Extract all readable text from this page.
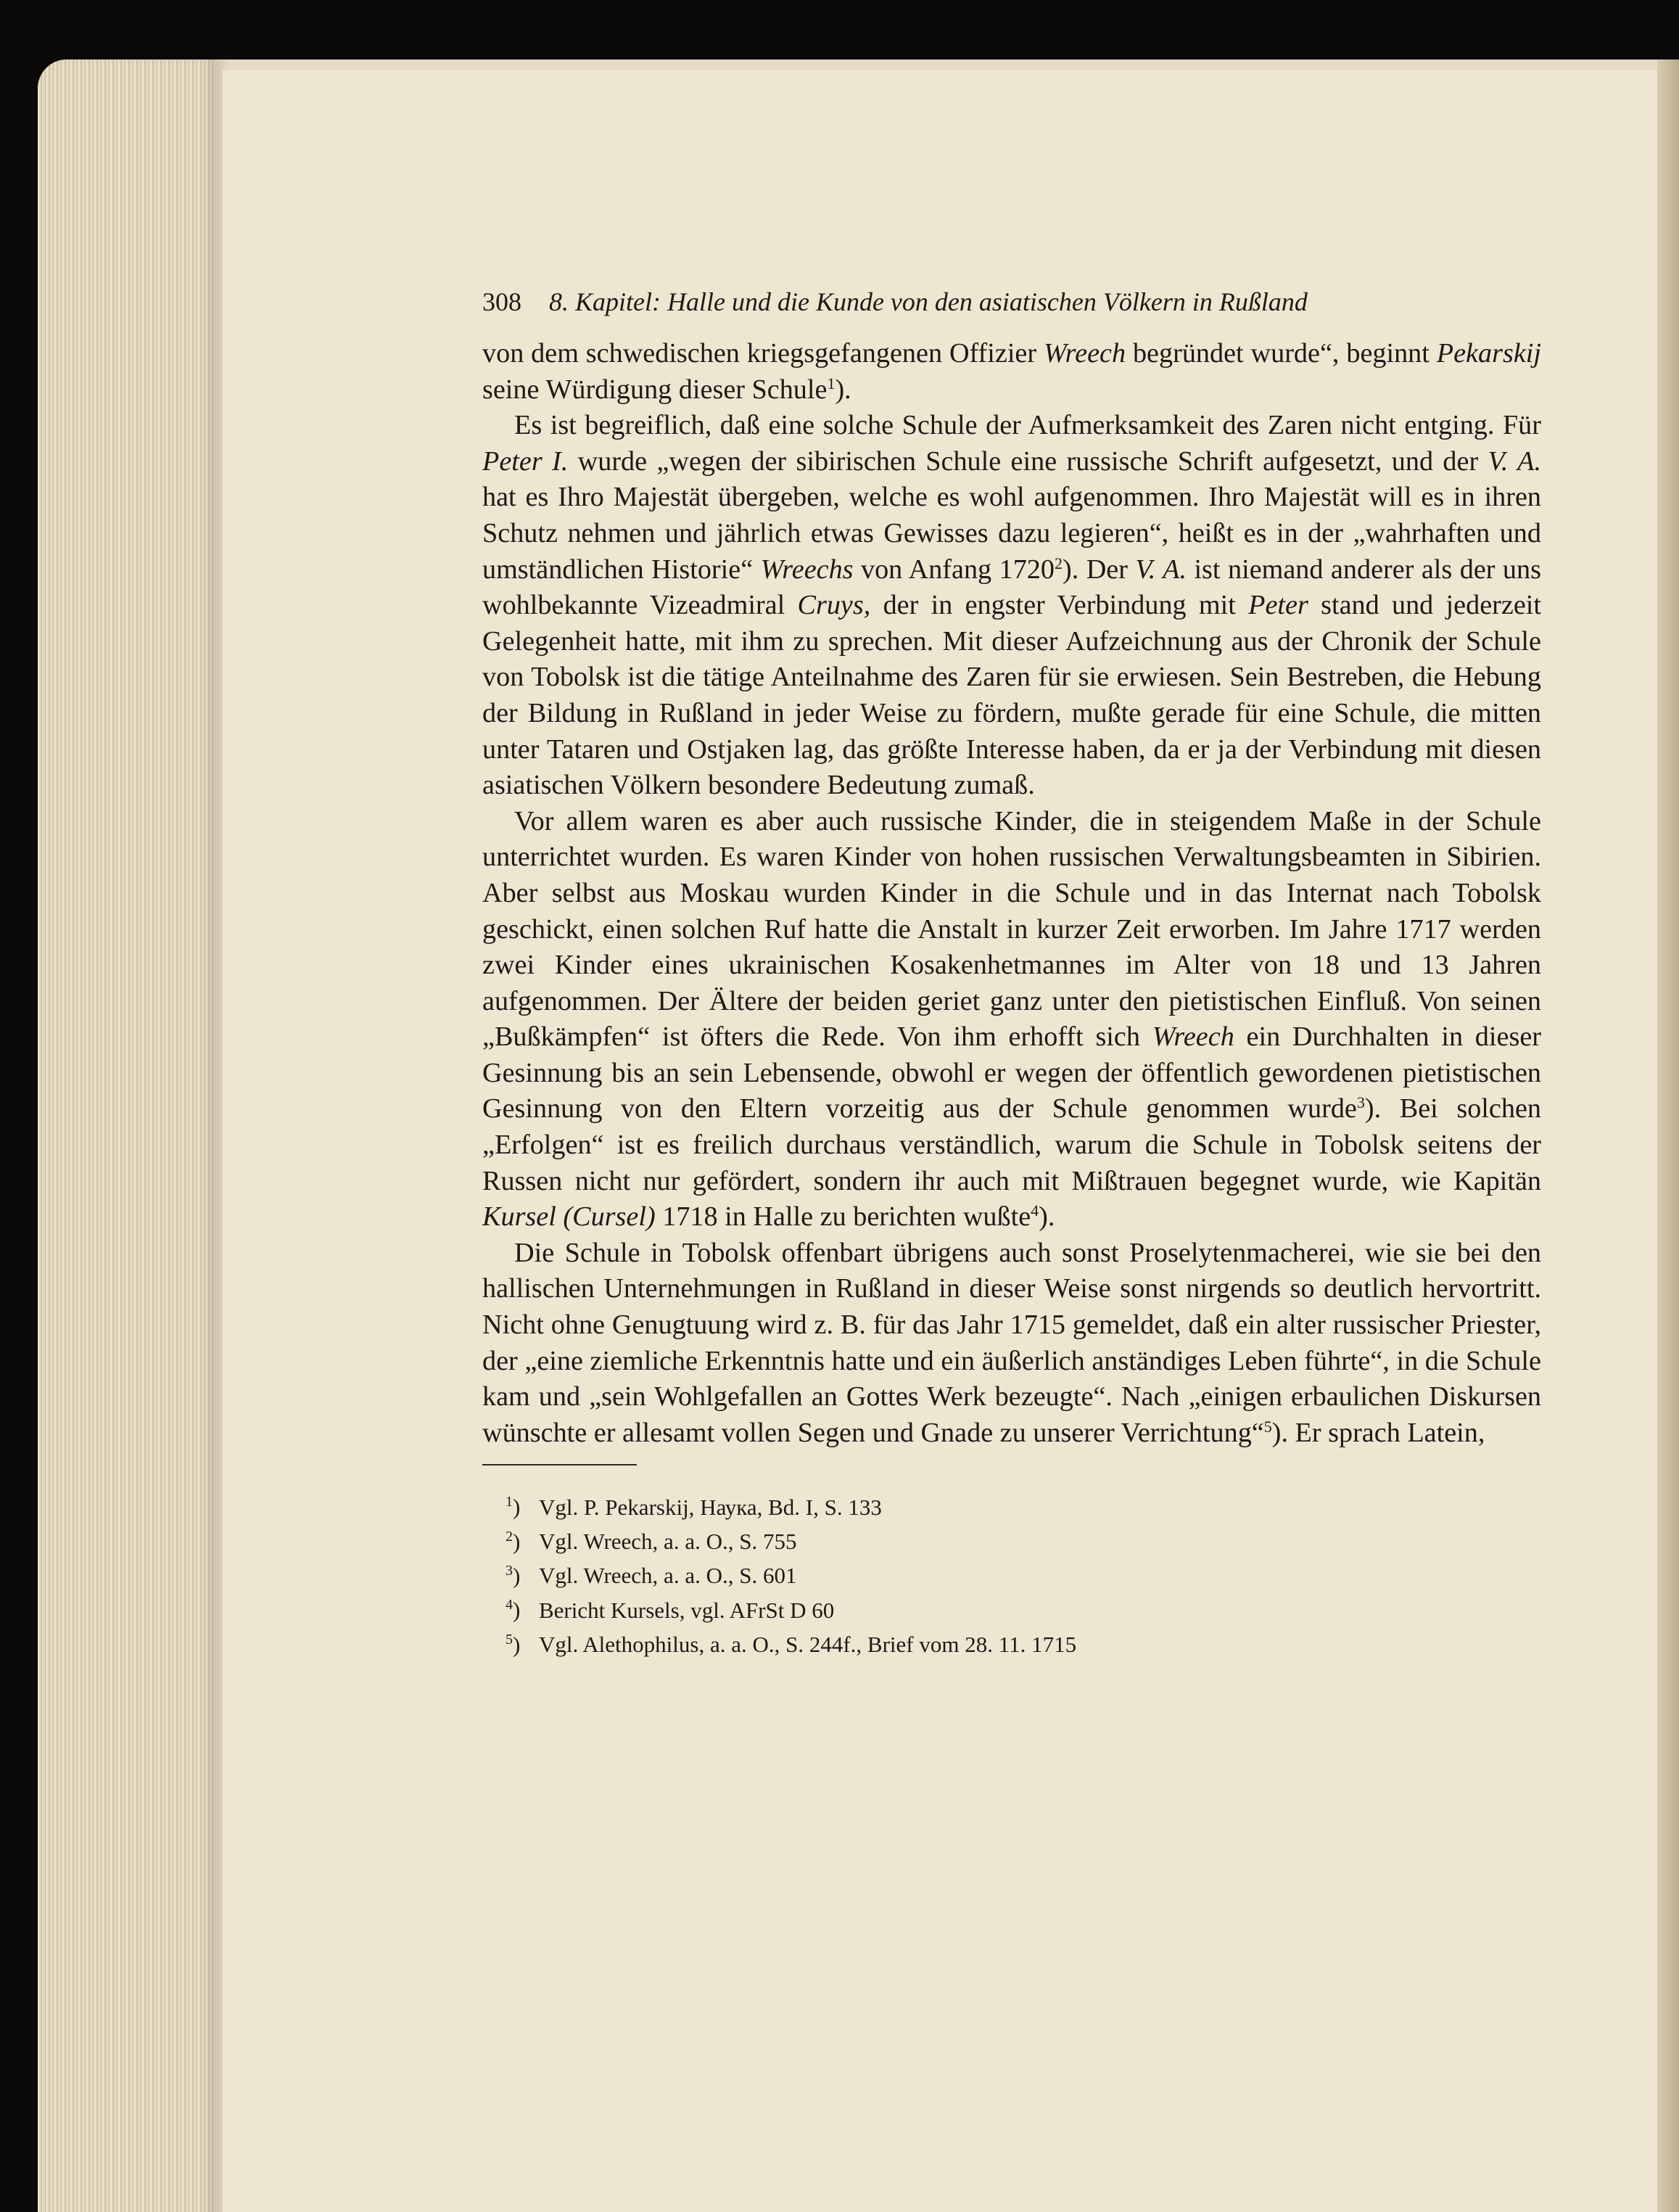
308 8. Kapitel: Halle und die Kunde von den asiatischen Völkern in Rußland

von dem schwedischen kriegsgefangenen Offizier Wreech begründet wurde“, beginnt Pekarskij seine Würdigung dieser Schule$^1$).

Es ist begreiflich, daß eine solche Schule der Aufmerksamkeit des Zaren nicht entging. Für Peter I. wurde „wegen der sibirischen Schule eine russische Schrift aufgesetzt, und der V. A. hat es Ihro Majestät übergeben, welche es wohl aufgenommen. Ihro Majestät will es in ihren Schutz nehmen und jährlich etwas Gewisses dazu legieren“, heißt es in der „wahrhaften und umständlichen Historie“ Wreechs von Anfang 1720$^2$). Der V. A. ist niemand anderer als der uns wohlbekannte Vizeadmiral Cruys, der in engster Verbindung mit Peter stand und jederzeit Gelegenheit hatte, mit ihm zu sprechen. Mit dieser Aufzeichnung aus der Chronik der Schule von Tobolsk ist die tätige Anteilnahme des Zaren für sie erwiesen. Sein Bestreben, die Hebung der Bildung in Rußland in jeder Weise zu fördern, mußte gerade für eine Schule, die mitten unter Tataren und Ostjaken lag, das größte Interesse haben, da er ja der Verbindung mit diesen asiatischen Völkern besondere Bedeutung zumaß.

Vor allem waren es aber auch russische Kinder, die in steigendem Maße in der Schule unterrichtet wurden. Es waren Kinder von hohen russischen Verwaltungsbeamten in Sibirien. Aber selbst aus Moskau wurden Kinder in die Schule und in das Internat nach Tobolsk geschickt, einen solchen Ruf hatte die Anstalt in kurzer Zeit erworben. Im Jahre 1717 werden zwei Kinder eines ukrainischen Kosakenhetmannes im Alter von 18 und 13 Jahren aufgenommen. Der Ältere der beiden geriet ganz unter den pietistischen Einfluß. Von seinen „Bußkämpfen“ ist öfters die Rede. Von ihm erhofft sich Wreech ein Durchhalten in dieser Gesinnung bis an sein Lebensende, obwohl er wegen der öffentlich gewordenen pietistischen Gesinnung von den Eltern vorzeitig aus der Schule genommen wurde$^3$). Bei solchen „Erfolgen“ ist es freilich durchaus verständlich, warum die Schule in Tobolsk seitens der Russen nicht nur gefördert, sondern ihr auch mit Mißtrauen begegnet wurde, wie Kapitän Kursel (Cursel) 1718 in Halle zu berichten wußte$^4$).

Die Schule in Tobolsk offenbart übrigens auch sonst Proselytenmacherei, wie sie bei den hallischen Unternehmungen in Rußland in dieser Weise sonst nirgends so deutlich hervortritt. Nicht ohne Genugtuung wird z. B. für das Jahr 1715 gemeldet, daß ein alter russischer Priester, der „eine ziemliche Erkenntnis hatte und ein äußerlich anständiges Leben führte“, in die Schule kam und „sein Wohlgefallen an Gottes Werk bezeugte“. Nach „einigen erbaulichen Diskursen wünschte er allesamt vollen Segen und Gnade zu unserer Verrichtung“$^5$). Er sprach Latein,

$^1$) Vgl. P. Pekarskij, Наука, Bd. I, S. 133
$^2$) Vgl. Wreech, a. a. O., S. 755
$^3$) Vgl. Wreech, a. a. O., S. 601
$^4$) Bericht Kursels, vgl. AFrSt D 60
$^5$) Vgl. Alethophilus, a. a. O., S. 244f., Brief vom 28. 11. 1715
